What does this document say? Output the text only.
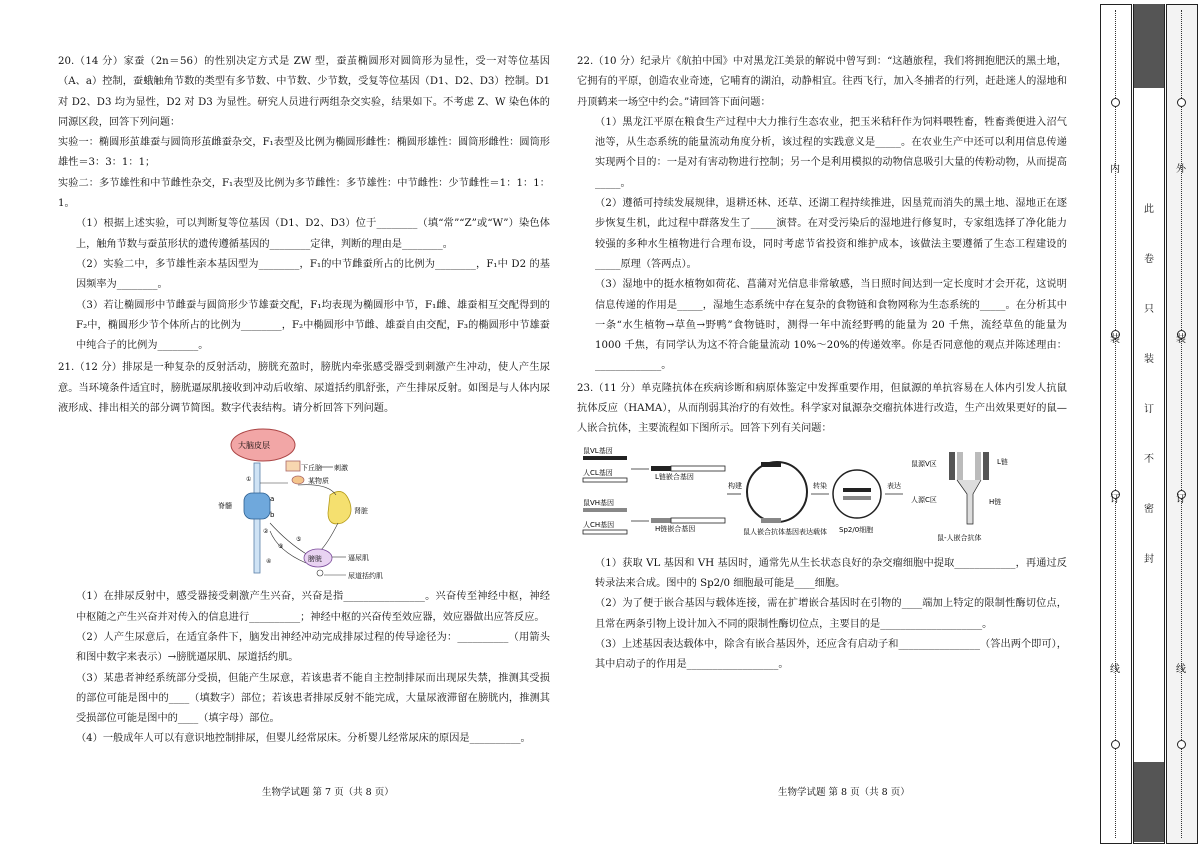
20.（14 分）家蚕（2n＝56）的性别决定方式是 ZW 型，蚕茧椭圆形对圆筒形为显性，受一对等位基因（A、a）控制，蚕蛾触角节数的类型有多节数、中节数、少节数，受复等位基因（D1、D2、D3）控制。D1 对 D2、D3 均为显性，D2 对 D3 为显性。研究人员进行两组杂交实验，结果如下。不考虑 Z、W 染色体的同源区段，回答下列问题：

实验一：椭圆形茧雄蚕与圆筒形茧雌蚕杂交，F₁表型及比例为椭圆形雌性：椭圆形雄性：圆筒形雌性：圆筒形雄性＝3：3：1：1；

实验二：多节雄性和中节雌性杂交，F₁表型及比例为多节雌性：多节雄性：中节雌性：少节雌性＝1：1：1：1。

（1）根据上述实验，可以判断复等位基因（D1、D2、D3）位于________（填“常”“Z”或“W”）染色体上，触角节数与蚕茧形状的遗传遵循基因的________定律，判断的理由是________。

（2）实验二中，多节雄性亲本基因型为________，F₁的中节雌蚕所占的比例为________，F₁中 D2 的基因频率为________。

（3）若让椭圆形中节雌蚕与圆筒形少节雄蚕交配，F₁均表现为椭圆形中节，F₁雌、雄蚕相互交配得到的 F₂中，椭圆形少节个体所占的比例为________，F₂中椭圆形中节雌、雄蚕自由交配，F₃的椭圆形中节雄蚕中纯合子的比例为________。

21.（12 分）排尿是一种复杂的反射活动，膀胱充盈时，膀胱内牵张感受器受到刺激产生冲动，使人产生尿意。当环境条件适宜时，膀胱逼尿肌接收到冲动后收缩、尿道括约肌舒张，产生排尿反射。如图是与人体内尿液形成、排出相关的部分调节简图。数字代表结构。请分析回答下列问题。

大脑皮层
下丘脑 刺激
某物质
脊髓
a
b	肾脏
膀胱	逼尿肌
尿道括约肌
①
②
③
④
⑤

（1）在排尿反射中，感受器接受刺激产生兴奋，兴奋是指________________。兴奋传至神经中枢，神经中枢随之产生兴奋并对传入的信息进行__________；神经中枢的兴奋传至效应器，效应器做出应答反应。

（2）人产生尿意后，在适宜条件下，脑发出神经冲动完成排尿过程的传导途径为：__________（用箭头和图中数字来表示）→膀胱逼尿肌、尿道括约肌。

（3）某患者神经系统部分受损，但能产生尿意，若该患者不能自主控制排尿而出现尿失禁，推测其受损的部位可能是图中的____（填数字）部位；若该患者排尿反射不能完成，大量尿液滞留在膀胱内，推测其受损部位可能是图中的____（填字母）部位。

（4）一般成年人可以有意识地控制排尿，但婴儿经常尿床。分析婴儿经常尿床的原因是__________。

生物学试题 第 7 页（共 8 页）

22.（10 分）纪录片《航拍中国》中对黑龙江美景的解说中曾写到：“这趟旅程，我们将拥抱肥沃的黑土地，它拥有的平原，创造农业奇迹，它哺育的湖泊，动静相宜。往西飞行，加入冬捕者的行列，赶赴迷人的湿地和丹顶鹤来一场空中约会。”请回答下面问题：

（1）黑龙江平原在粮食生产过程中大力推行生态农业，把玉米秸秆作为饲料喂牲畜，牲畜粪便进入沼气池等，从生态系统的能量流动角度分析，该过程的实践意义是_____。在农业生产中还可以利用信息传递实现两个目的：一是对有害动物进行控制；另一个是利用模拟的动物信息吸引大量的传粉动物，从而提高_____。

（2）遵循可持续发展规律，退耕还林、还草、还湖工程持续推进，因垦荒而消失的黑土地、湿地正在逐步恢复生机，此过程中群落发生了_____演替。在对受污染后的湿地进行修复时，专家组选择了净化能力较强的多种水生植物进行合理布设，同时考虑节省投资和维护成本，该做法主要遵循了生态工程建设的_____原理（答两点）。

（3）湿地中的挺水植物如荷花、菖蒲对光信息非常敏感，当日照时间达到一定长度时才会开花，这说明信息传递的作用是_____，湿地生态系统中存在复杂的食物链和食物网称为生态系统的_____。在分析其中一条“水生植物→草鱼→野鸭”食物链时，测得一年中流经野鸭的能量为 20 千焦，流经草鱼的能量为 1000 千焦，有同学认为这不符合能量流动 10%～20%的传递效率。你是否同意他的观点并陈述理由：_____________。

23.（11 分）单克隆抗体在疾病诊断和病原体鉴定中发挥重要作用，但鼠源的单抗容易在人体内引发人抗鼠抗体反应（HAMA），从而削弱其治疗的有效性。科学家对鼠源杂交瘤抗体进行改造，生产出效果更好的鼠—人嵌合抗体，主要流程如下图所示。回答下列有关问题：

鼠VL基因
人CL基因
鼠VH基因
人CH基因
L链嵌合基因
H链嵌合基因
构建
鼠人嵌合抗体基因表达载体
转染
Sp2/0细胞
表达
鼠源V区
人源C区
L链
H链
鼠-人嵌合抗体

（1）获取 VL 基因和 VH 基因时，通常先从生长状态良好的杂交瘤细胞中提取____________，再通过反转录法来合成。图中的 Sp2/0 细胞最可能是____细胞。

（2）为了便于嵌合基因与载体连接，需在扩增嵌合基因时在引物的____端加上特定的限制性酶切位点，且常在两条引物上设计加入不同的限制性酶切位点，主要目的是____________________。

（3）上述基因表达载体中，除含有嵌合基因外，还应含有启动子和________________（答出两个即可），其中启动子的作用是__________________。

生物学试题 第 8 页（共 8 页）
内
装
订
线
外
装
订
线
此
卷
只
装
订
不
密
封
